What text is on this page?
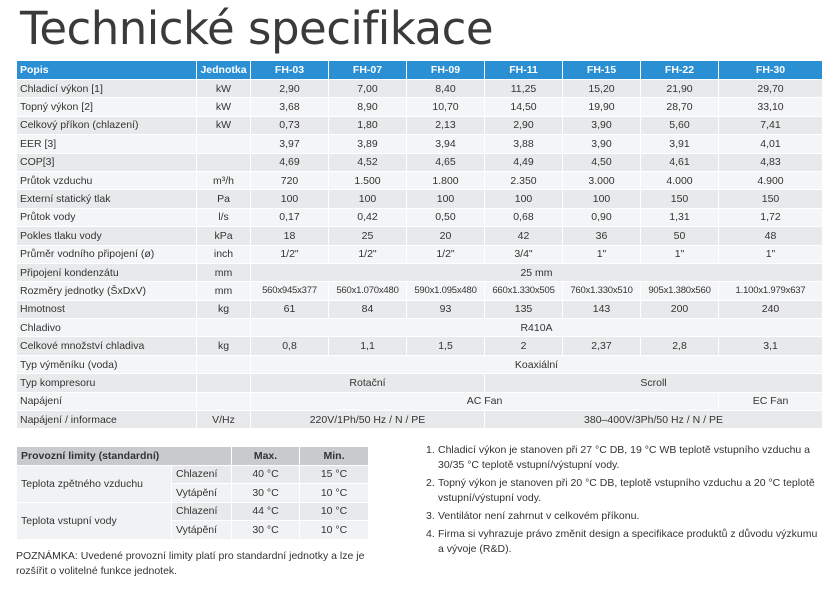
Technické specifikace
Popis	Jednotka	FH-03	FH-07	FH-09	FH-11	FH-15	FH-22	FH-30
Chladicí výkon [1]	kW	2,90	7,00	8,40	11,25	15,20	21,90	29,70
Topný výkon [2]	kW	3,68	8,90	10,70	14,50	19,90	28,70	33,10
Celkový příkon (chlazení)	kW	0,73	1,80	2,13	2,90	3,90	5,60	7,41
EER [3]		3,97	3,89	3,94	3,88	3,90	3,91	4,01
COP[3]		4,69	4,52	4,65	4,49	4,50	4,61	4,83
Průtok vzduchu	m³/h	720	1.500	1.800	2.350	3.000	4.000	4.900
Externí statický tlak	Pa	100	100	100	100	100	150	150
Průtok vody	l/s	0,17	0,42	0,50	0,68	0,90	1,31	1,72
Pokles tlaku vody	kPa	18	25	20	42	36	50	48
Průměr vodního připojení (ø)	inch	1/2"	1/2"	1/2"	3/4"	1"	1"	1"
Připojení kondenzátu	mm	25 mm						
Rozměry jednotky (ŠxDxV)	mm	560x945x377	560x1.070x480	590x1.095x480	660x1.330x505	760x1.330x510	905x1.380x560	1.100x1.979x637
Hmotnost	kg	61	84	93	135	143	200	240
Chladivo		R410A						
Celkové množství chladiva	kg	0,8	1,1	1,5	2	2,37	2,8	3,1
Typ výměníku (voda)		Koaxiální						
Typ kompresoru		Rotační			Scroll			
Napájení		AC Fan						EC Fan
Napájení / informace	V/Hz	220V/1Ph/50 Hz / N / PE			380–400V/3Ph/50 Hz / N / PE			
Provozní limity (standardní)		Max.	Min.
Teplota zpětného vzduchu	Chlazení	40 °C	15 °C
	Vytápění	30 °C	10 °C
Teplota vstupní vody	Chlazení	44 °C	10 °C
	Vytápění	30 °C	10 °C
POZNÁMKA: Uvedené provozní limity platí pro standardní jednotky a lze je rozšířit o volitelné funkce jednotek.
1. Chladicí výkon je stanoven při 27 °C DB, 19 °C WB teplotě vstupního vzduchu a 30/35 °C teplotě vstupní/výstupní vody.
2. Topný výkon je stanoven při 20 °C DB, teplotě vstupního vzduchu a 20 °C teplotě vstupní/výstupní vody.
3. Ventilátor není zahrnut v celkovém příkonu.
4. Firma si vyhrazuje právo změnit design a specifikace produktů z důvodu výzkumu a vývoje (R&D).
